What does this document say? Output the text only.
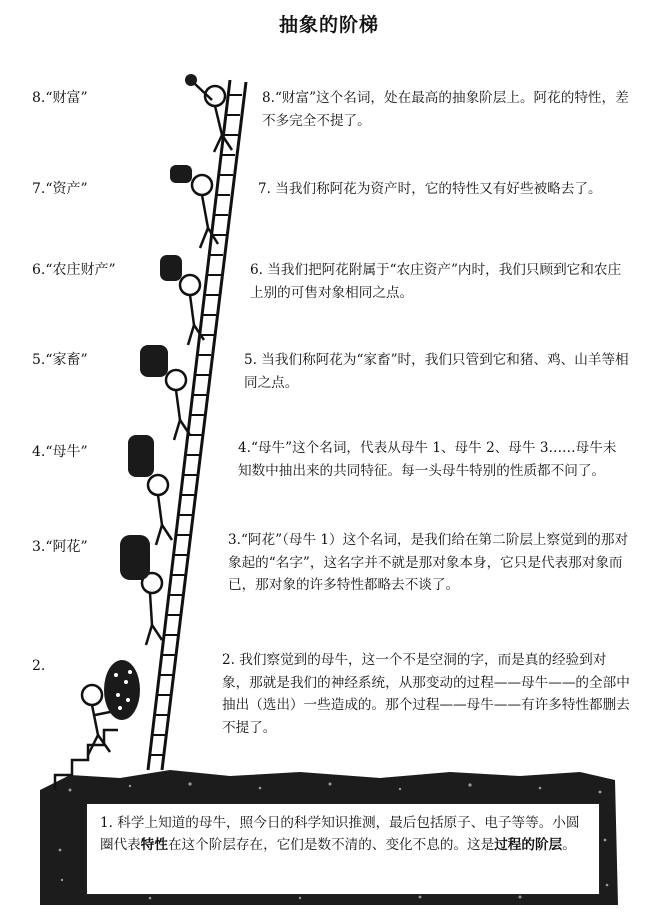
抽象的阶梯
8.“财富”
7.“资产”
6.“农庄财产”
5.“家畜”
4.“母牛”
3.“阿花”
2.
8.“财富”这个名词，处在最高的抽象阶层上。阿花的特性，差不多完全不提了。
7. 当我们称阿花为资产时，它的特性又有好些被略去了。
6. 当我们把阿花附属于“农庄资产”内时，我们只顾到它和农庄上别的可售对象相同之点。
5. 当我们称阿花为“家畜”时，我们只管到它和猪、鸡、山羊等相同之点。
4.“母牛”这个名词，代表从母牛 1、母牛 2、母牛 3……母牛未知数中抽出来的共同特征。每一头母牛特别的性质都不问了。
3.“阿花”（母牛 1）这个名词，是我们给在第二阶层上察觉到的那对象起的“名字”，这名字并不就是那对象本身，它只是代表那对象而已，那对象的许多特性都略去不谈了。
2. 我们察觉到的母牛，这一个不是空洞的字，而是真的经验到对象，那就是我们的神经系统，从那变动的过程——母牛——的全部中抽出（选出）一些造成的。那个过程——母牛——有许多特性都删去不提了。
1. 科学上知道的母牛，照今日的科学知识推测，最后包括原子、电子等等。小圆圈代表特性在这个阶层存在，它们是数不清的、变化不息的。这是过程的阶层。
